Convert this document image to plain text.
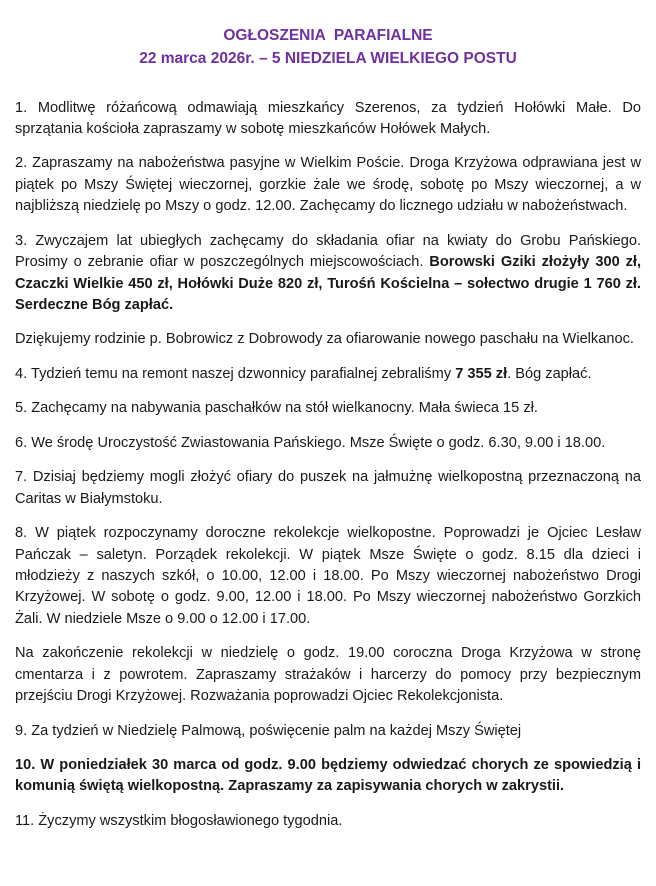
OGŁOSZENIA  PARAFIALNE
22 marca 2026r. – 5 NIEDZIELA WIELKIEGO POSTU

1. Modlitwę różańcową odmawiają mieszkańcy Szerenos, za tydzień Hołówki Małe. Do sprzątania kościoła zapraszamy w sobotę mieszkańców Hołówek Małych.

2. Zapraszamy na nabożeństwa pasyjne w Wielkim Poście. Droga Krzyżowa odprawiana jest w piątek po Mszy Świętej wieczornej, gorzkie żale we środę, sobotę po Mszy wieczornej, a w najbliższą niedzielę po Mszy o godz. 12.00. Zachęcamy do licznego udziału w nabożeństwach.

3. Zwyczajem lat ubiegłych zachęcamy do składania ofiar na kwiaty do Grobu Pańskiego. Prosimy o zebranie ofiar w poszczególnych miejscowościach. Borowski Gziki złożyły 300 zł, Czaczki Wielkie 450 zł, Hołówki Duże 820 zł, Turośń Kościelna – sołectwo drugie 1 760 zł. Serdeczne Bóg zapłać.

Dziękujemy rodzinie p. Bobrowicz z Dobrowody za ofiarowanie nowego paschału na Wielkanoc.

4. Tydzień temu na remont naszej dzwonnicy parafialnej zebraliśmy 7 355 zł. Bóg zapłać.

5. Zachęcamy na nabywania paschałków na stół wielkanocny. Mała świeca 15 zł.

6. We środę Uroczystość Zwiastowania Pańskiego. Msze Święte o godz. 6.30, 9.00 i 18.00.

7. Dzisiaj będziemy mogli złożyć ofiary do puszek na jałmużnę wielkopostną przeznaczoną na Caritas w Białymstoku.

8. W piątek rozpoczynamy doroczne rekolekcje wielkopostne. Poprowadzi je Ojciec Lesław Pańczak – saletyn. Porządek rekolekcji. W piątek Msze Święte o godz. 8.15 dla dzieci i młodzieży z naszych szkół, o 10.00, 12.00 i 18.00. Po Mszy wieczornej nabożeństwo Drogi Krzyżowej. W sobotę o godz. 9.00, 12.00 i 18.00. Po Mszy wieczornej nabożeństwo Gorzkich Żali. W niedziele Msze o 9.00 o 12.00 i 17.00.

Na zakończenie rekolekcji w niedzielę o godz. 19.00 coroczna Droga Krzyżowa w stronę cmentarza i z powrotem. Zapraszamy strażaków i harcerzy do pomocy przy bezpiecznym przejściu Drogi Krzyżowej. Rozważania poprowadzi Ojciec Rekolekcjonista.

9. Za tydzień w Niedzielę Palmową, poświęcenie palm na każdej Mszy Świętej

10. W poniedziałek 30 marca od godz. 9.00 będziemy odwiedzać chorych ze spowiedzią i komunią świętą wielkopostną. Zapraszamy za zapisywania chorych w zakrystii.

11. Życzymy wszystkim błogosławionego tygodnia.
